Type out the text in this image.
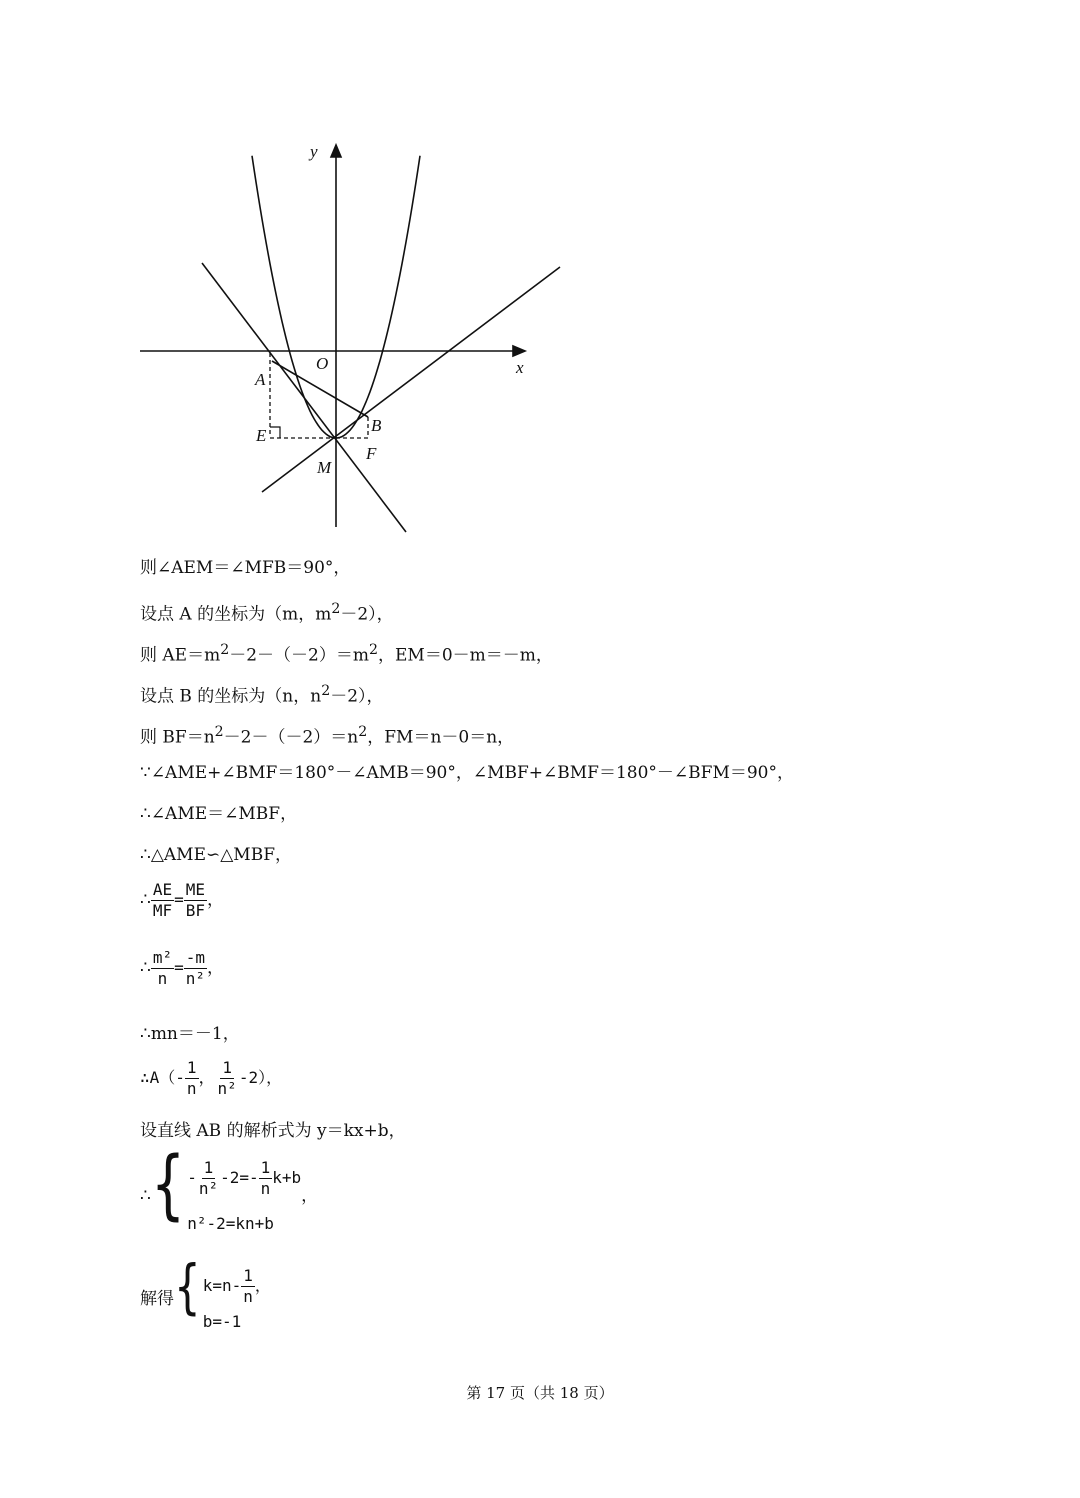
y
x
O
A
B
E
F
M
则∠AEM＝∠MFB＝90°，
设点 A 的坐标为（m，$m^2-2$），
则 $AE=m^2-2-(-2)=m^2$，EM＝0－m＝－m，
设点 B 的坐标为（n，$n^2-2$），
则 $BF=n^2-2-(-2)=n^2$，FM＝n－0＝n，
∵∠AME+∠BMF＝180°－∠AMB＝90°，∠MBF+∠BMF＝180°－∠BFM＝90°，
∴∠AME＝∠MBF，
∴△AME∽△MBF，
∴ $\frac{AE}{MF} = \frac{ME}{BF}$ ，
∴ $\frac{\text{m²}}{n} = \frac{-m}{\text{n²}}$ ，
∴mn＝－1，
∴A（- $\frac{1}{n}$ ， $\frac{1}{\text{n²}} -2$），
设直线 AB 的解析式为 y＝kx+b，
∴ { - $\frac{1}{\text{n²}} -2=- \frac{1}{n} k+b$
n²-2=kn+b
，
解得 { $k=n- \frac{1}{n}$ ，
b=-1
第 17 页（共 18 页）
